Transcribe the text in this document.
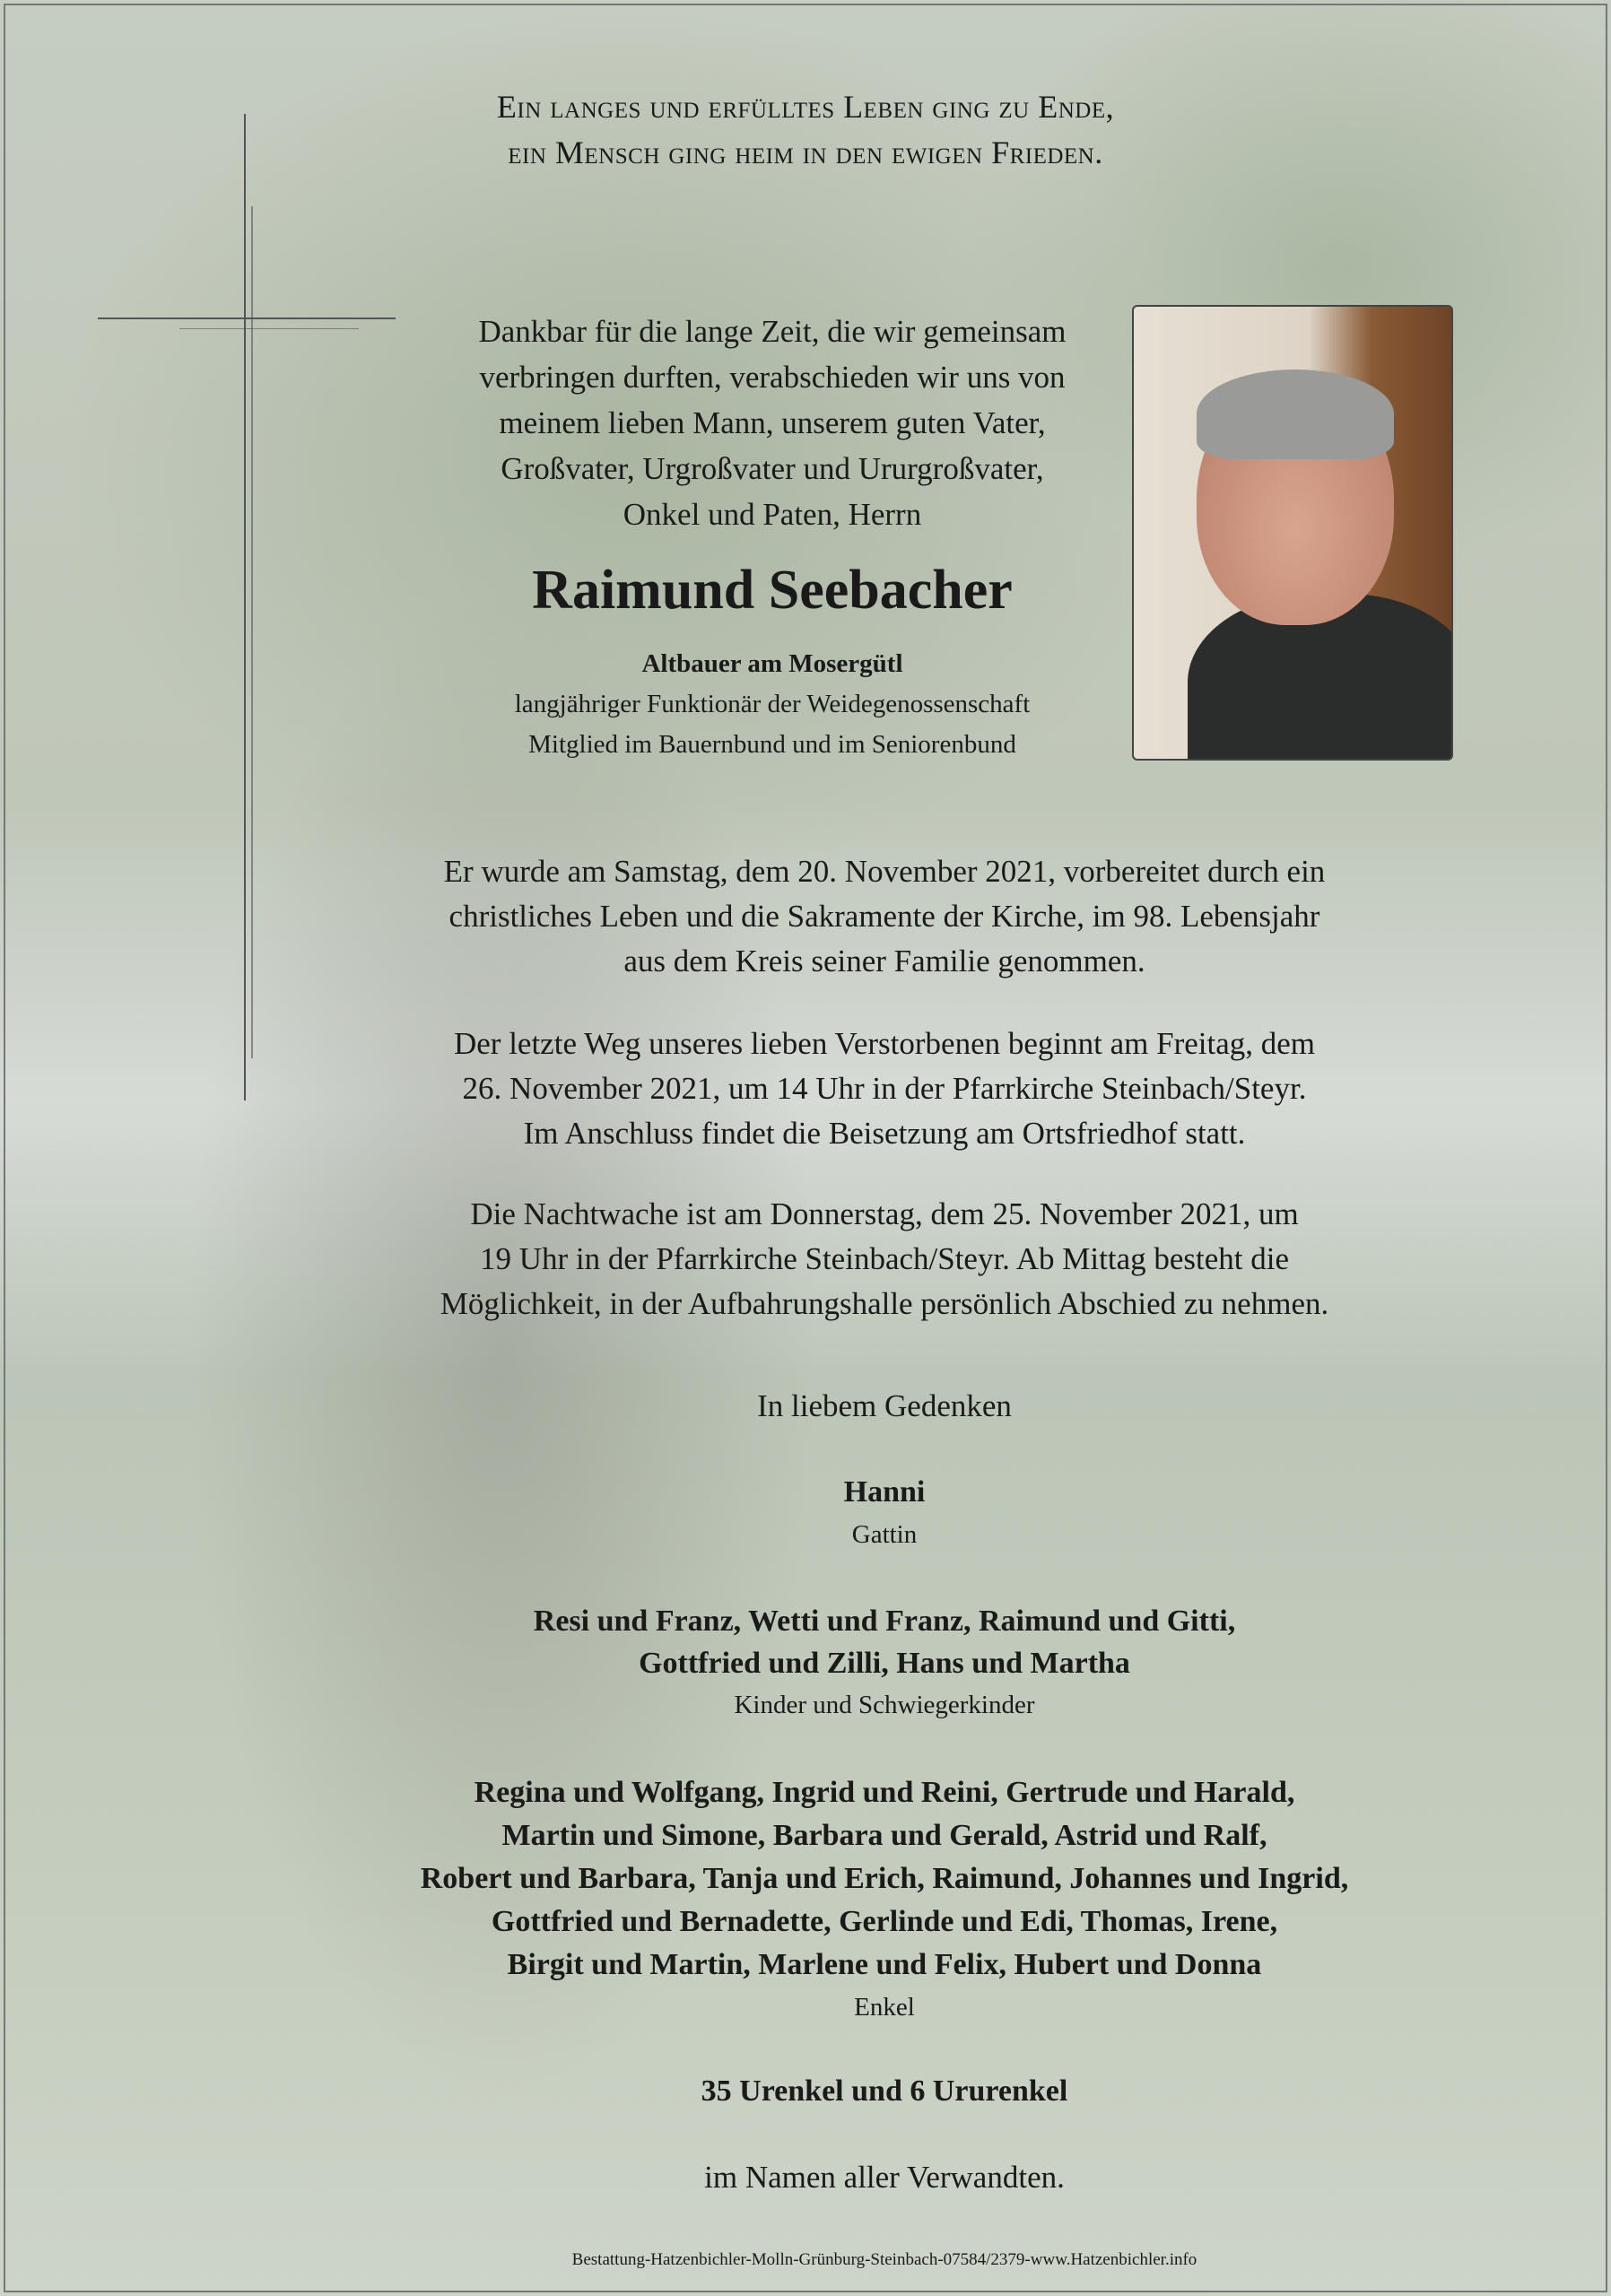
Ein langes und erfülltes Leben ging zu Ende,
ein Mensch ging heim in den ewigen Frieden.
Dankbar für die lange Zeit, die wir gemeinsam
verbringen durften, verabschieden wir uns von
meinem lieben Mann, unserem guten Vater,
Großvater, Urgroßvater und Ururgroßvater,
Onkel und Paten, Herrn
Raimund Seebacher
Altbauer am Mosergütl
langjähriger Funktionär der Weidegenossenschaft
Mitglied im Bauernbund und im Seniorenbund
Er wurde am Samstag, dem 20. November 2021, vorbereitet durch ein
christliches Leben und die Sakramente der Kirche, im 98. Lebensjahr
aus dem Kreis seiner Familie genommen.
Der letzte Weg unseres lieben Verstorbenen beginnt am Freitag, dem
26. November 2021, um 14 Uhr in der Pfarrkirche Steinbach/Steyr.
Im Anschluss findet die Beisetzung am Ortsfriedhof statt.
Die Nachtwache ist am Donnerstag, dem 25. November 2021, um
19 Uhr in der Pfarrkirche Steinbach/Steyr. Ab Mittag besteht die
Möglichkeit, in der Aufbahrungshalle persönlich Abschied zu nehmen.
In liebem Gedenken
Hanni
Gattin
Resi und Franz, Wetti und Franz, Raimund und Gitti,
Gottfried und Zilli, Hans und Martha
Kinder und Schwiegerkinder
Regina und Wolfgang, Ingrid und Reini, Gertrude und Harald,
Martin und Simone, Barbara und Gerald, Astrid und Ralf,
Robert und Barbara, Tanja und Erich, Raimund, Johannes und Ingrid,
Gottfried und Bernadette, Gerlinde und Edi, Thomas, Irene,
Birgit und Martin, Marlene und Felix, Hubert und Donna
Enkel
35 Urenkel und 6 Ururenkel
im Namen aller Verwandten.
Bestattung-Hatzenbichler-Molln-Grünburg-Steinbach-07584/2379-www.Hatzenbichler.info
